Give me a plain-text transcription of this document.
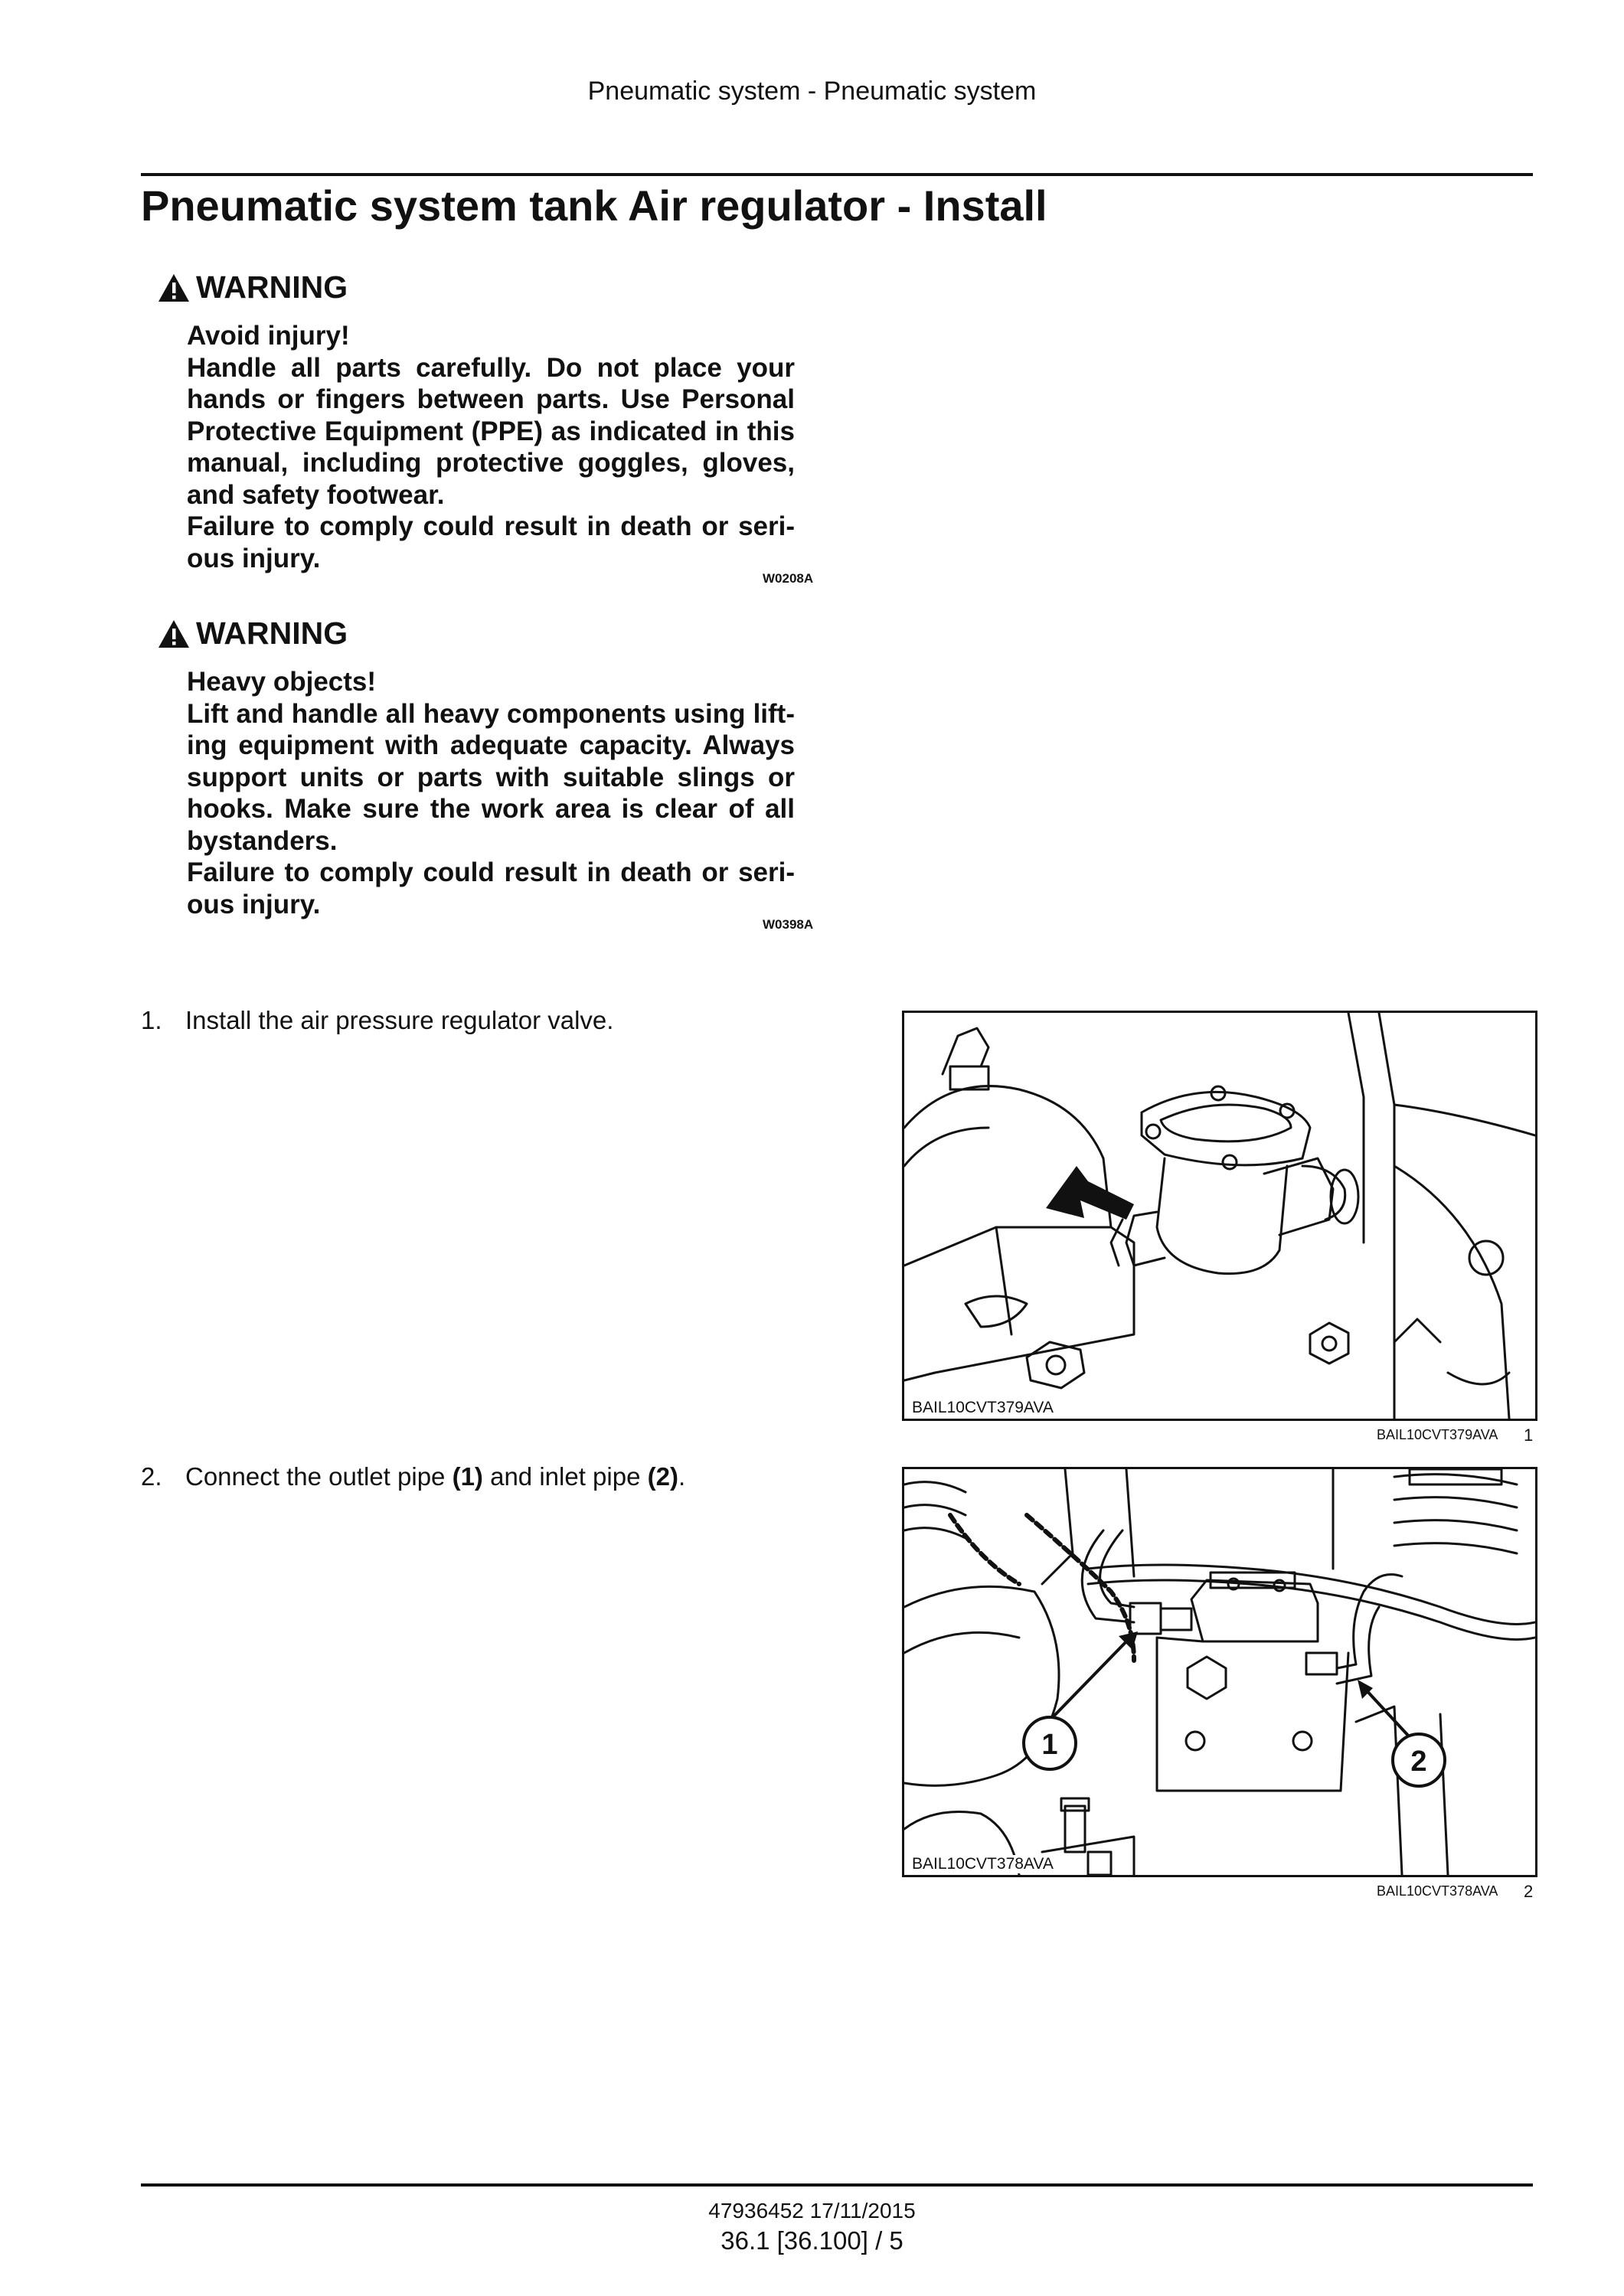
Pneumatic system - Pneumatic system
Pneumatic system tank Air regulator - Install
WARNING
Avoid injury!
Handle all parts carefully. Do not place your
hands or fingers between parts. Use Personal
Protective Equipment (PPE) as indicated in this
manual, including protective goggles, gloves,
and safety footwear.
Failure to comply could result in death or seri-
ous injury.
W0208A
WARNING
Heavy objects!
Lift and handle all heavy components using lift-
ing equipment with adequate capacity. Always
support units or parts with suitable slings or
hooks. Make sure the work area is clear of all
bystanders.
Failure to comply could result in death or seri-
ous injury.
W0398A
1. Install the air pressure regulator valve.
BAIL10CVT379AVA
BAIL10CVT379AVA 1
2. Connect the outlet pipe (1) and inlet pipe (2).
1
2
BAIL10CVT378AVA
BAIL10CVT378AVA 2
47936452 17/11/2015
36.1 [36.100] / 5
